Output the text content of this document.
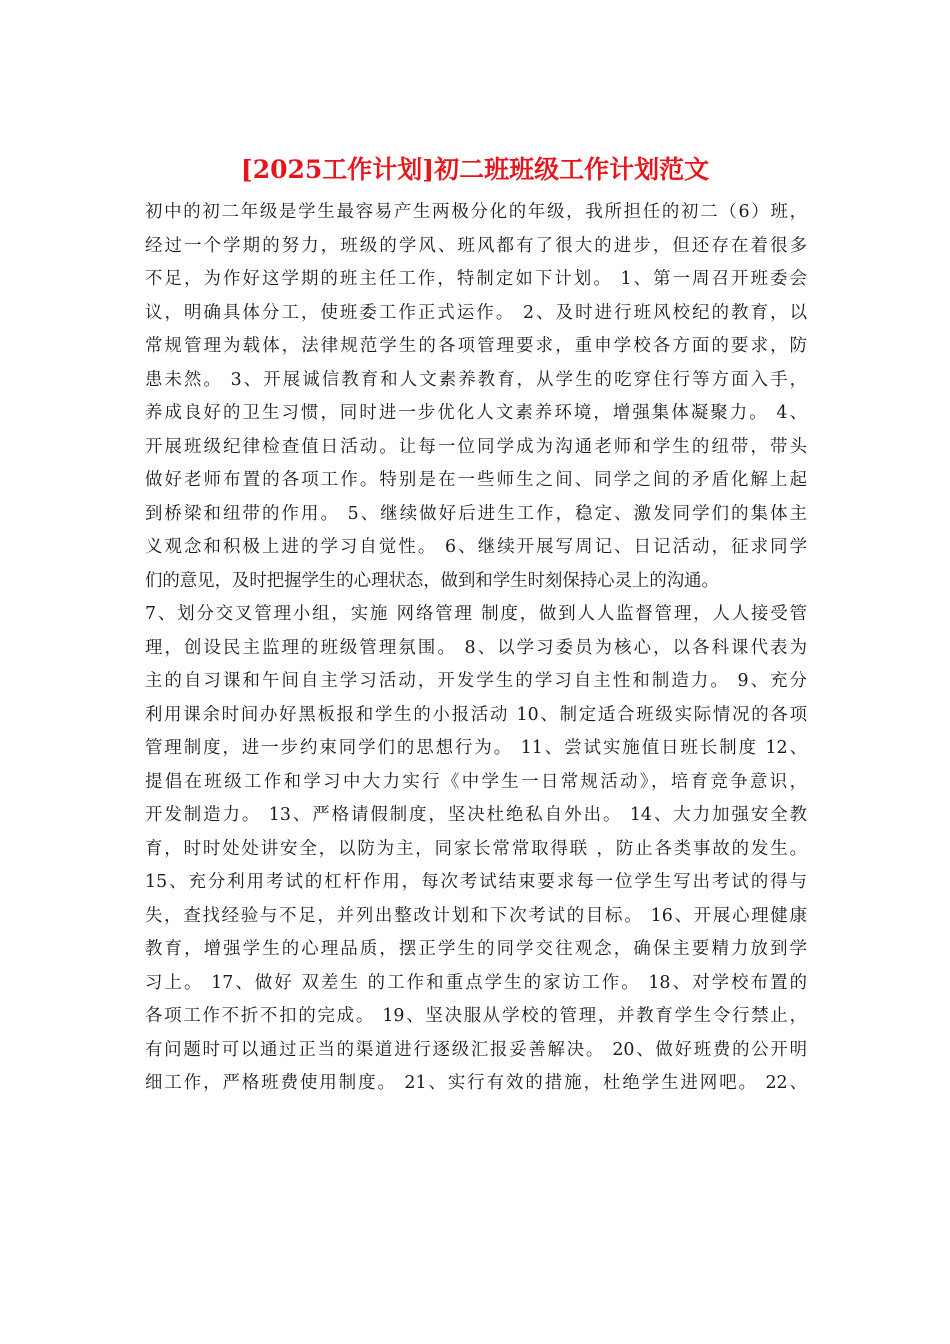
[2025工作计划]初二班班级工作计划范文
初中的初二年级是学生最容易产生两极分化的年级，我所担任的初二（6）班，
经过一个学期的努力，班级的学风、班风都有了很大的进步，但还存在着很多
不足，为作好这学期的班主任工作，特制定如下计划。 1、第一周召开班委会
议，明确具体分工，使班委工作正式运作。 2、及时进行班风校纪的教育，以
常规管理为载体，法律规范学生的各项管理要求，重申学校各方面的要求，防
患未然。 3、开展诚信教育和人文素养教育，从学生的吃穿住行等方面入手，
养成良好的卫生习惯，同时进一步优化人文素养环境，增强集体凝聚力。 4、
开展班级纪律检查值日活动。让每一位同学成为沟通老师和学生的纽带，带头
做好老师布置的各项工作。特别是在一些师生之间、同学之间的矛盾化解上起
到桥梁和纽带的作用。 5、继续做好后进生工作，稳定、激发同学们的集体主
义观念和积极上进的学习自觉性。 6、继续开展写周记、日记活动，征求同学
们的意见，及时把握学生的心理状态，做到和学生时刻保持心灵上的沟通。
7、划分交叉管理小组，实施 网络管理 制度，做到人人监督管理，人人接受管
理，创设民主监理的班级管理氛围。 8、以学习委员为核心，以各科课代表为
主的自习课和午间自主学习活动，开发学生的学习自主性和制造力。 9、充分
利用课余时间办好黑板报和学生的小报活动 10、制定适合班级实际情况的各项
管理制度，进一步约束同学们的思想行为。 11、尝试实施值日班长制度 12、
提倡在班级工作和学习中大力实行《中学生一日常规活动》，培育竞争意识，
开发制造力。 13、严格请假制度，坚决杜绝私自外出。 14、大力加强安全教
育，时时处处讲安全，以防为主，同家长常常取得联 ，防止各类事故的发生。
15、充分利用考试的杠杆作用，每次考试结束要求每一位学生写出考试的得与
失，查找经验与不足，并列出整改计划和下次考试的目标。 16、开展心理健康
教育，增强学生的心理品质，摆正学生的同学交往观念，确保主要精力放到学
习上。 17、做好 双差生 的工作和重点学生的家访工作。 18、对学校布置的
各项工作不折不扣的完成。 19、坚决服从学校的管理，并教育学生令行禁止，
有问题时可以通过正当的渠道进行逐级汇报妥善解决。 20、做好班费的公开明
细工作，严格班费使用制度。 21、实行有效的措施，杜绝学生进网吧。 22、
